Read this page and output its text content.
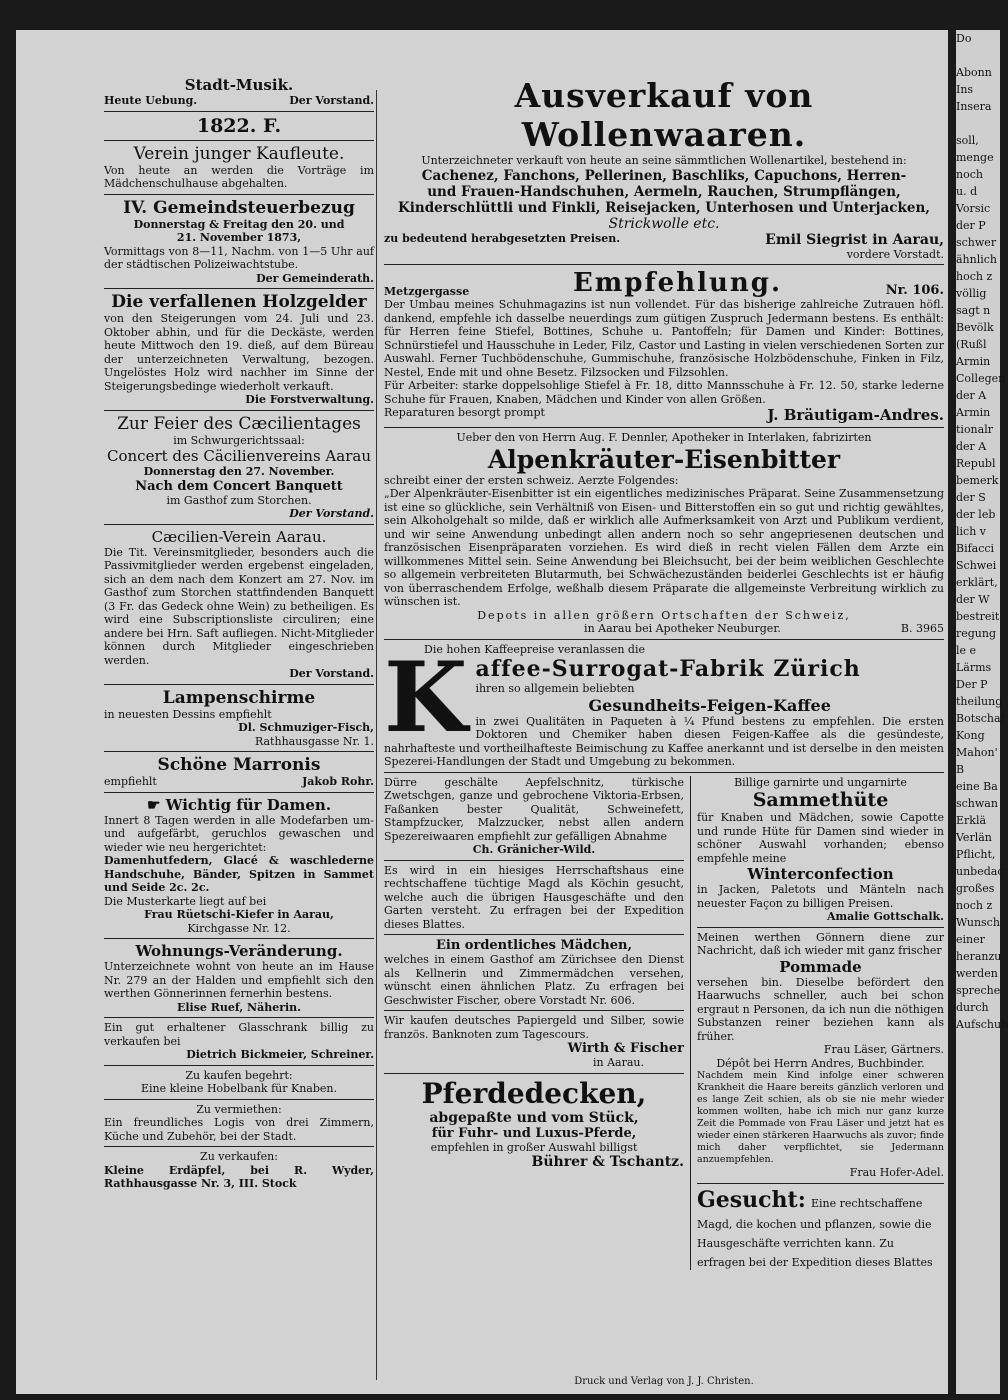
Stadt-Musik.
Heute Uebung.	Der Vorstand.
1822. F.
Verein junger Kaufleute.
Von heute an werden die Vorträge im Mädchenschulhause abgehalten.
IV. Gemeindsteuerbezug
Donnerstag & Freitag den 20. und
21. November 1873,
Vormittags von 8—11, Nachm. von 1—5 Uhr auf der städtischen Polizeiwachtstube.
Der Gemeinderath.
Die verfallenen Holzgelder
von den Steigerungen vom 24. Juli und 23. Oktober abhin, und für die Deckäste, werden heute Mittwoch den 19. dieß, auf dem Büreau der unterzeichneten Verwaltung, bezogen. Ungelöstes Holz wird nachher im Sinne der Steigerungsbedinge wiederholt verkauft.
Die Forstverwaltung.
Zur Feier des Cæcilientages
im Schwurgerichtssaal:
Concert des Cäcilienvereins Aarau
Donnerstag den 27. November.
Nach dem Concert Banquett
im Gasthof zum Storchen.
Der Vorstand.
Cæcilien-Verein Aarau.
Die Tit. Vereinsmitglieder, besonders auch die Passivmitglieder werden ergebenst eingeladen, sich an dem nach dem Konzert am 27. Nov. im Gasthof zum Storchen stattfindenden Banquett (3 Fr. das Gedeck ohne Wein) zu betheiligen. Es wird eine Subscriptionsliste circuliren; eine andere bei Hrn. Saft aufliegen. Nicht-Mitglieder können durch Mitglieder eingeschrieben werden.
Der Vorstand.
Lampenschirme
in neuesten Dessins empfiehlt
Dl. Schmuziger-Fisch,
Rathhausgasse Nr. 1.
Schöne Marronis
empfiehlt	Jakob Rohr.
☛ Wichtig für Damen.
Innert 8 Tagen werden in alle Modefarben um- und aufgefärbt, geruchlos gewaschen und wieder wie neu hergerichtet:
Damenhutfedern, Glacé & waschlederne Handschuhe, Bänder, Spitzen in Sammet und Seide 2c. 2c.
Die Musterkarte liegt auf bei
Frau Rüetschi-Kiefer in Aarau,
Kirchgasse Nr. 12.
Wohnungs-Veränderung.
Unterzeichnete wohnt von heute an im Hause Nr. 279 an der Halden und empfiehlt sich den werthen Gönnerinnen fernerhin bestens.
Elise Ruef, Näherin.
Ein gut erhaltener Glasschrank billig zu verkaufen bei
Dietrich Bickmeier, Schreiner.
Zu kaufen begehrt:
Eine kleine Hobelbank für Knaben.
Zu vermiethen:
Ein freundliches Logis von drei Zimmern, Küche und Zubehör, bei der Stadt.
Zu verkaufen:
Kleine Erdäpfel, bei R. Wyder, Rathhausgasse Nr. 3, III. Stock
Ausverkauf von Wollenwaaren.
Unterzeichneter verkauft von heute an seine sämmtlichen Wollenartikel, bestehend in:
Cachenez, Fanchons, Pellerinen, Baschliks, Capuchons, Herren-
und Frauen-Handschuhen, Aermeln, Rauchen, Strumpflängen,
Kinderschlüttli und Finkli, Reisejacken, Unterhosen und Unterjacken,
Strickwolle etc.
zu bedeutend herabgesetzten Preisen.	Emil Siegrist in Aarau,
vordere Vorstadt.
Metzgergasse	Empfehlung.	Nr. 106.
Der Umbau meines Schuhmagazins ist nun vollendet. Für das bisherige zahlreiche Zutrauen höfl. dankend, empfehle ich dasselbe neuerdings zum gütigen Zuspruch Jedermann bestens. Es enthält: für Herren feine Stiefel, Bottines, Schuhe u. Pantoffeln; für Damen und Kinder: Bottines, Schnürstiefel und Hausschuhe in Leder, Filz, Castor und Lasting in vielen verschiedenen Sorten zur Auswahl. Ferner Tuchbödenschuhe, Gummischuhe, französische Holzbödenschuhe, Finken in Filz, Nestel, Ende mit und ohne Besetz. Filzsocken und Filzsohlen.
Für Arbeiter: starke doppelsohlige Stiefel à Fr. 18, ditto Mannsschuhe à Fr. 12. 50, starke lederne Schuhe für Frauen, Knaben, Mädchen und Kinder von allen Größen.
Reparaturen besorgt prompt	J. Bräutigam-Andres.
Ueber den von Herrn Aug. F. Dennler, Apotheker in Interlaken, fabrizirten
Alpenkräuter-Eisenbitter
schreibt einer der ersten schweiz. Aerzte Folgendes:
„Der Alpenkräuter-Eisenbitter ist ein eigentliches medizinisches Präparat. Seine Zusammensetzung ist eine so glückliche, sein Verhältniß von Eisen- und Bitterstoffen ein so gut und richtig gewähltes, sein Alkoholgehalt so milde, daß er wirklich alle Aufmerksamkeit von Arzt und Publikum verdient, und wir seine Anwendung unbedingt allen andern noch so sehr angepriesenen deutschen und französischen Eisenpräparaten vorziehen. Es wird dieß in recht vielen Fällen dem Arzte ein willkommenes Mittel sein. Seine Anwendung bei Bleichsucht, bei der beim weiblichen Geschlechte so allgemein verbreiteten Blutarmuth, bei Schwächezuständen beiderlei Geschlechts ist er häufig von überraschendem Erfolge, weßhalb diesem Präparate die allgemeinste Verbreitung wirklich zu wünschen ist.
Depots in allen größern Ortschaften der Schweiz,
in Aarau bei Apotheker Neuburger.	B. 3965
Die hohen Kaffeepreise veranlassen die
K affee-Surrogat-Fabrik Zürich
ihren so allgemein beliebten
Gesundheits-Feigen-Kaffee
in zwei Qualitäten in Paqueten à ¼ Pfund bestens zu empfehlen. Die ersten Doktoren und Chemiker haben diesen Feigen-Kaffee als die gesündeste, nahrhafteste und vortheilhafteste Beimischung zu Kaffee anerkannt und ist derselbe in den meisten Spezerei-Handlungen der Stadt und Umgebung zu bekommen.
Dürre geschälte Aepfelschnitz, türkische Zwetschgen, ganze und gebrochene Viktoria-Erbsen, Faßanken bester Qualität, Schweinefett, Stampfzucker, Malzzucker, nebst allen andern Spezereiwaaren empfiehlt zur gefälligen Abnahme
Ch. Gränicher-Wild.
Es wird in ein hiesiges Herrschaftshaus eine rechtschaffene tüchtige Magd als Köchin gesucht, welche auch die übrigen Hausgeschäfte und den Garten versteht. Zu erfragen bei der Expedition dieses Blattes.
Ein ordentliches Mädchen,
welches in einem Gasthof am Zürichsee den Dienst als Kellnerin und Zimmermädchen versehen, wünscht einen ähnlichen Platz. Zu erfragen bei Geschwister Fischer, obere Vorstadt Nr. 606.
Wir kaufen deutsches Papiergeld und Silber, sowie französ. Banknoten zum Tagescours.
Wirth & Fischer
in Aarau.
Pferdedecken,
abgepaßte und vom Stück,
für Fuhr- und Luxus-Pferde,
empfehlen in großer Auswahl billigst
Bührer & Tschantz.
Billige garnirte und ungarnirte
Sammethüte
für Knaben und Mädchen, sowie Capotte und runde Hüte für Damen sind wieder in schöner Auswahl vorhanden; ebenso empfehle meine
Winterconfection
in Jacken, Paletots und Mänteln nach neuester Façon zu billigen Preisen.
Amalie Gottschalk.
Meinen werthen Gönnern diene zur Nachricht, daß ich wieder mit ganz frischer
Pommade
versehen bin. Dieselbe befördert den Haarwuchs schneller, auch bei schon ergraut n Personen, da ich nun die nöthigen Substanzen reiner beziehen kann als früher.
Frau Läser, Gärtners.
Dépôt bei Herrn Andres, Buchbinder.
Nachdem mein Kind infolge einer schweren Krankheit die Haare bereits gänzlich verloren und es lange Zeit schien, als ob sie nie mehr wieder kommen wollten, habe ich mich nur ganz kurze Zeit die Pommade von Frau Läser und jetzt hat es wieder einen stärkeren Haarwuchs als zuvor; finde mich daher verpflichtet, sie Jedermann anzuempfehlen.
Frau Hofer-Adel.
Gesucht: Eine rechtschaffene Magd, die kochen und pflanzen, sowie die Hausgeschäfte verrichten kann. Zu erfragen bei der Expedition dieses Blattes
Druck und Verlag von J. J. Christen.
Do

Abonn
Ins
Insera

soll,
menge
noch
u. d
Vorsic
der P
schwer
ähnlich
hoch z
völlig
sagt n
Bevölk
(Rußl
Armin
Collegen
der A
Armin
tionalr
der A
Republ
bemerk
der S
der leb
lich v
Bifacci
Schwei
erklärt,
der W
bestreit
regung
le e
Lärms
Der P
theilung
Botschaf
Kong
Mahon'
B
eine Ba
schwan
Erklä
Verlän
Pflicht,
unbedac
großes
noch z
Wunsch
einer
heranzu
werden
spreche
durch
Aufschub
